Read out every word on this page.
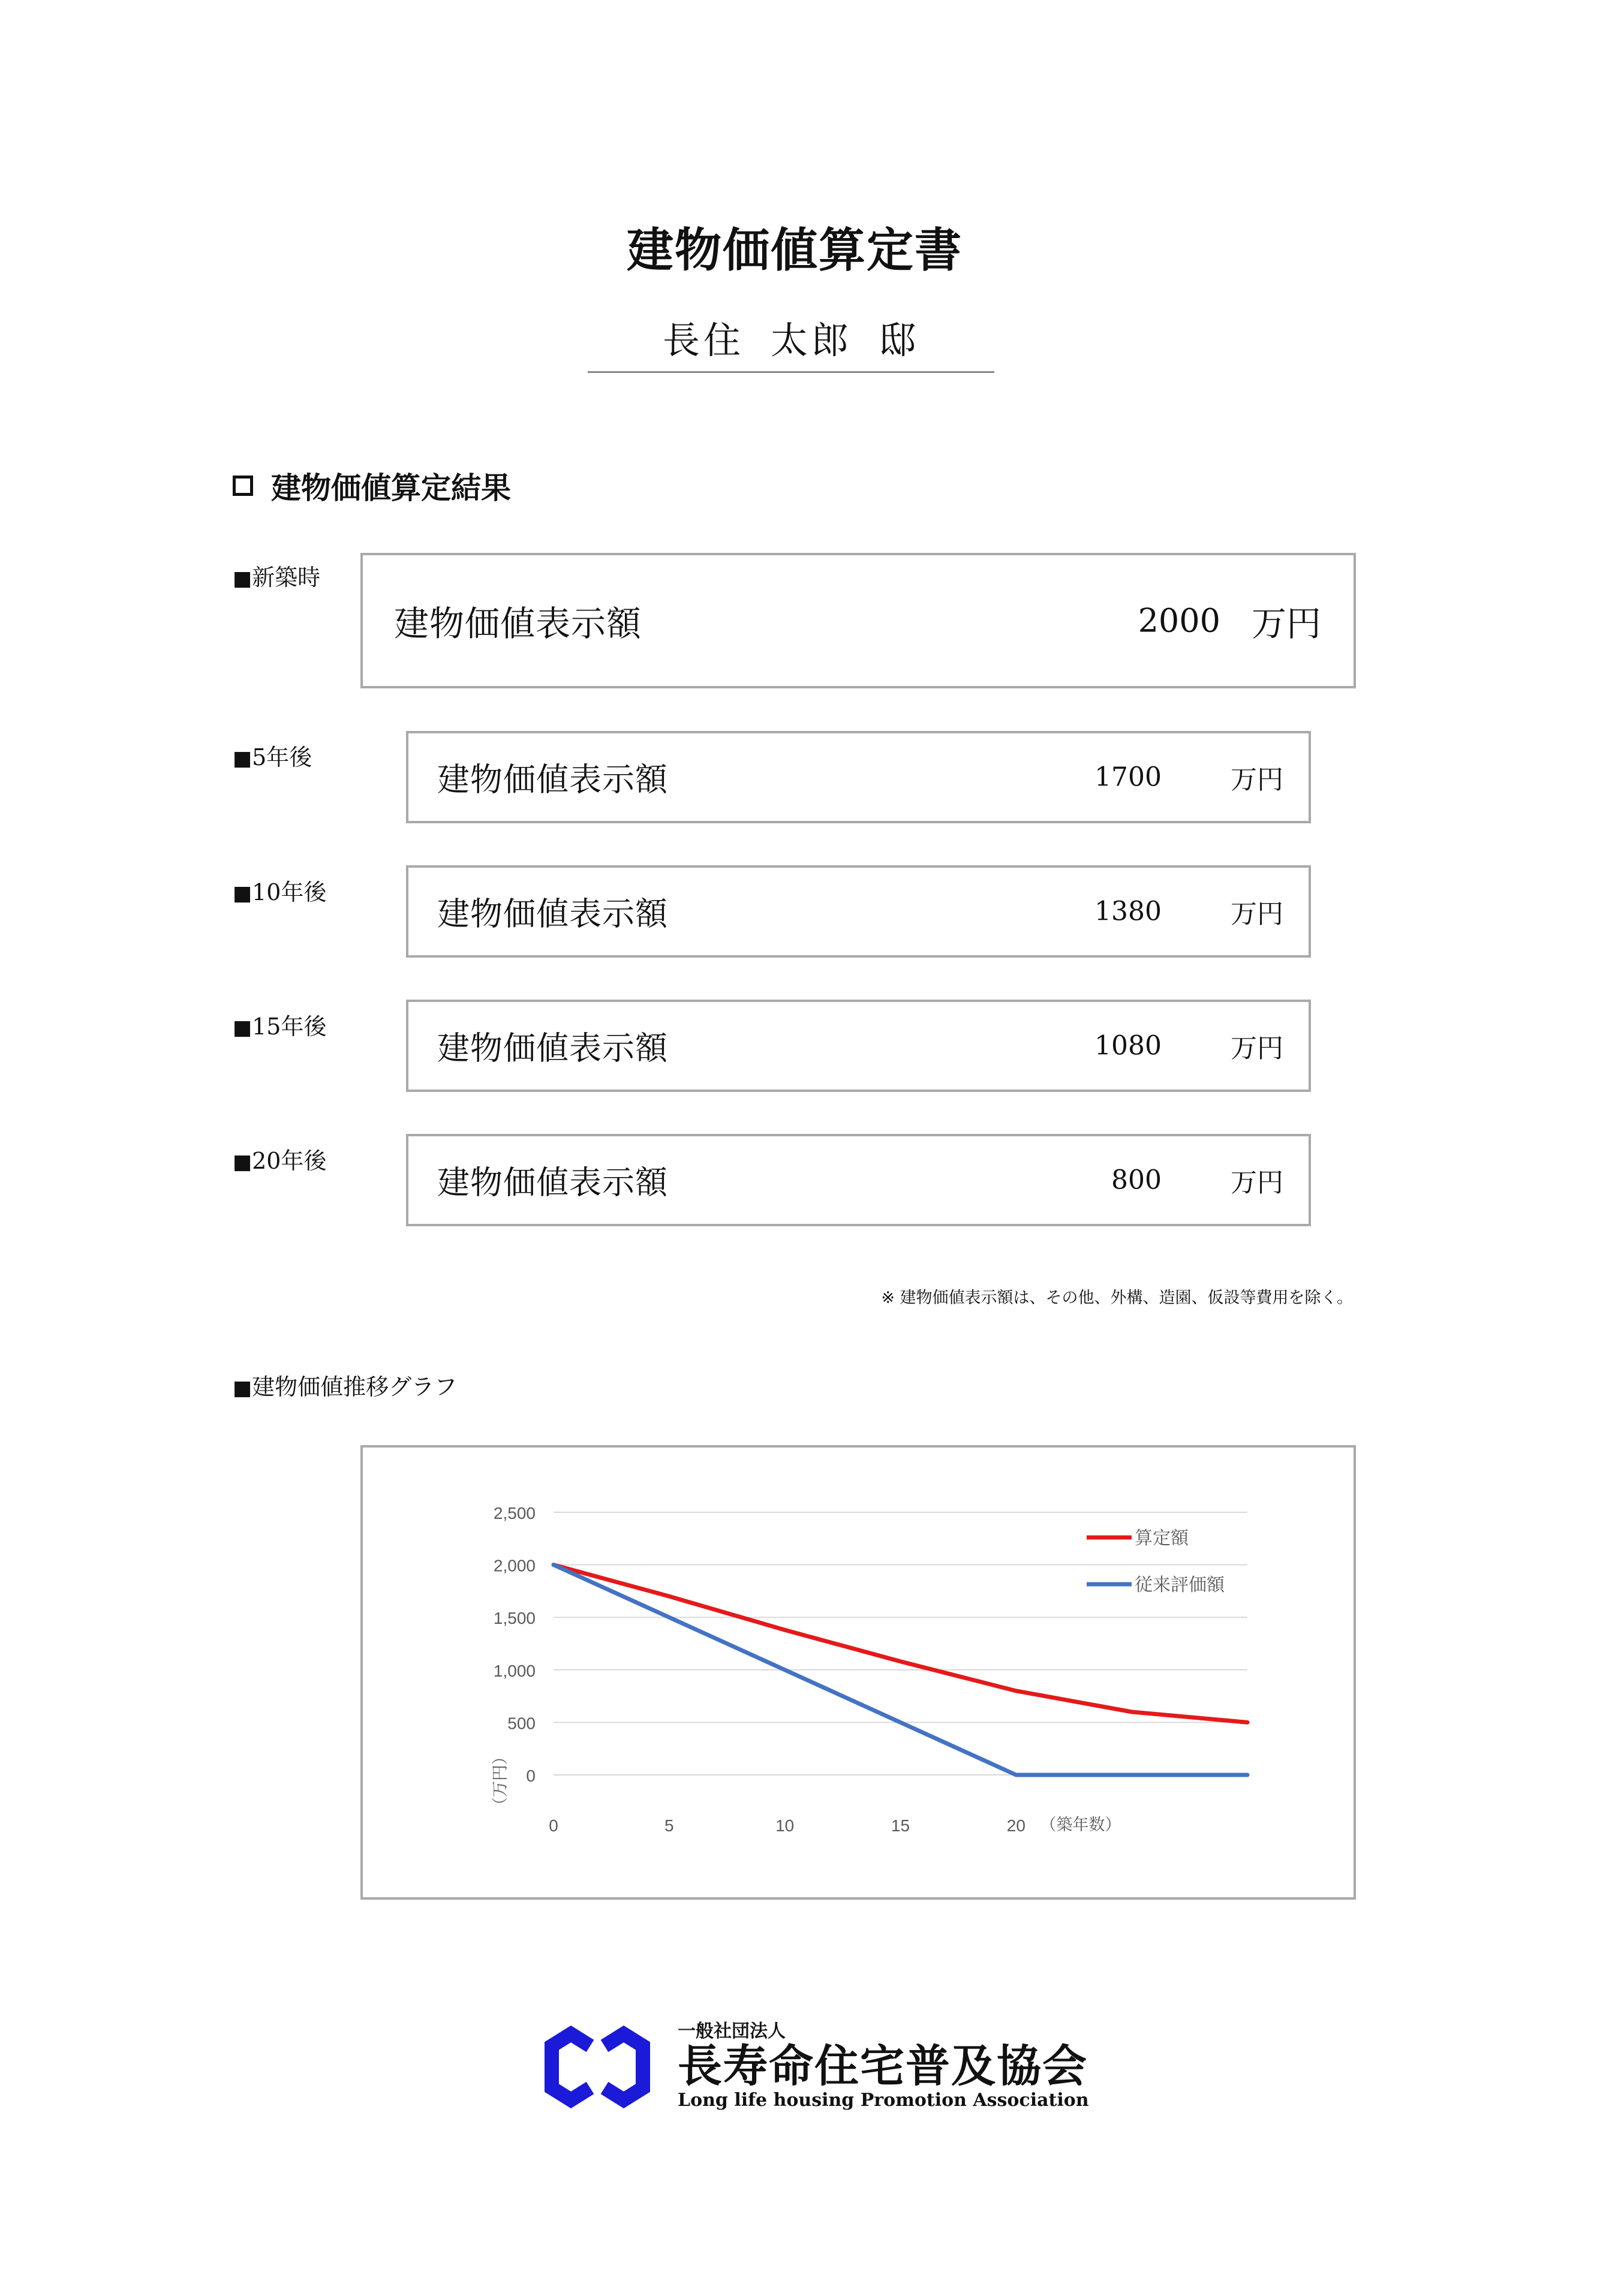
建物価値算定書
長住 太郎 邸
建物価値算定結果
■新築時
建物価値表示額	2000 万円
■5年後
建物価値表示額	1700	万円
■10年後
建物価値表示額	1380	万円
■15年後
建物価値表示額	1080	万円
■20年後
建物価値表示額	800	万円
※ 建物価値表示額は、その他、外構、造園、仮設等費用を除く。
■建物価値推移グラフ
2,500
2,000
1,500
1,000
500
0
0	5	10	15	20 （築年数）
（万円）
算定額
従来評価額
一般社団法人
長寿命住宅普及協会
Long life housing Promotion Association
